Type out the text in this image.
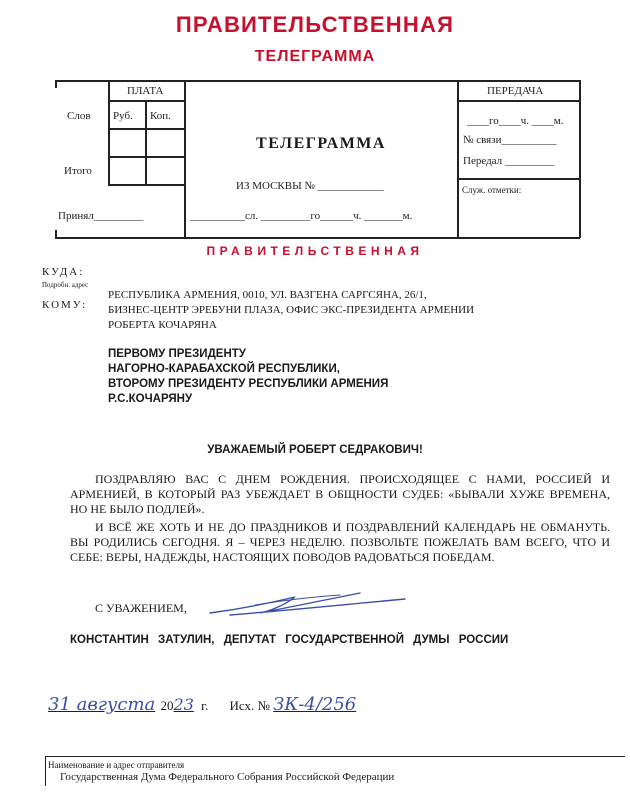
ПРАВИТЕЛЬСТВЕННАЯ
ТЕЛЕГРАММА
ПЛАТА
Слов Руб. Коп.
Итого
Принял_________
ТЕЛЕГРАММА
ИЗ МОСКВЫ № ____________
__________сл. _________го______ч. _______м.
ПЕРЕДАЧА
____го____ч. ____м.
№ связи__________
Передал _________
Служ. отметки:
ПРАВИТЕЛЬСТВЕННАЯ
КУДА:
Подробн. адрес
КОМУ:
РЕСПУБЛИКА АРМЕНИЯ, 0010, УЛ. ВАЗГЕНА САРГСЯНА, 26/1,
БИЗНЕС-ЦЕНТР ЭРЕБУНИ ПЛАЗА, ОФИС ЭКС-ПРЕЗИДЕНТА АРМЕНИИ
РОБЕРТА КОЧАРЯНА
ПЕРВОМУ ПРЕЗИДЕНТУ
НАГОРНО-КАРАБАХСКОЙ РЕСПУБЛИКИ,
ВТОРОМУ ПРЕЗИДЕНТУ РЕСПУБЛИКИ АРМЕНИЯ
Р.С.КОЧАРЯНУ
УВАЖАЕМЫЙ РОБЕРТ СЕДРАКОВИЧ!
ПОЗДРАВЛЯЮ ВАС С ДНЕМ РОЖДЕНИЯ. ПРОИСХОДЯЩЕЕ С НАМИ, РОССИЕЙ И АРМЕНИЕЙ, В КОТОРЫЙ РАЗ УБЕЖДАЕТ В ОБЩНОСТИ СУДЕБ: «БЫВАЛИ ХУЖЕ ВРЕМЕНА, НО НЕ БЫЛО ПОДЛЕЙ».
И ВСЁ ЖЕ ХОТЬ И НЕ ДО ПРАЗДНИКОВ И ПОЗДРАВЛЕНИЙ КАЛЕНДАРЬ НЕ ОБМАНУТЬ. ВЫ РОДИЛИСЬ СЕГОДНЯ. Я – ЧЕРЕЗ НЕДЕЛЮ. ПОЗВОЛЬТЕ ПОЖЕЛАТЬ ВАМ ВСЕГО, ЧТО И СЕБЕ: ВЕРЫ, НАДЕЖДЫ, НАСТОЯЩИХ ПОВОДОВ РАДОВАТЬСЯ ПОБЕДАМ.
С УВАЖЕНИЕМ,
КОНСТАНТИН ЗАТУЛИН, ДЕПУТАТ ГОСУДАРСТВЕННОЙ ДУМЫ РОССИИ
31 августа 2023 г. Исх. № ЗК-4/256
Наименование и адрес отправителя
Государственная Дума Федерального Собрания Российской Федерации
